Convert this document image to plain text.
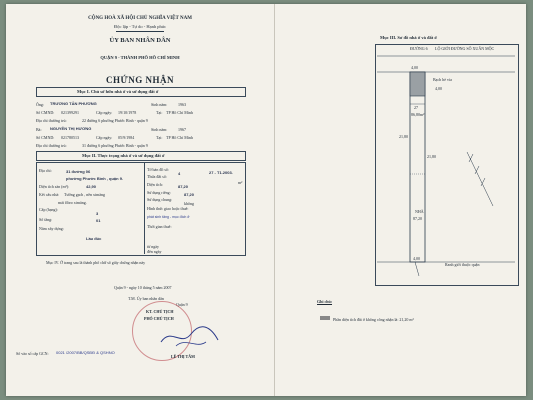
CỘNG HOÀ XÃ HỘI CHỦ NGHĨA VIỆT NAM
Độc lập - Tự do - Hạnh phúc
ỦY BAN NHÂN DÂN
QUẬN 9 - THÀNH PHỐ HỒ CHÍ MINH
CHỨNG NHẬN
Mục I. Chủ sở hữu nhà ở và sử dụng đất ở
Ông: TRƯƠNG TẤN PHƯƠNG	Sinh năm:	1963
Số CMND: 021399291	Cấp ngày: 19/10/1978	Tại: TP Hồ Chí Minh
Địa chỉ thường trú:	22 đường 6 phường Phước Bình - quận 9
Bà: NGUYỄN THỊ HƯƠNG	Sinh năm:	1967
Số CMND: 021780513	Cấp ngày: 05/9/1984	Tại: TP Hồ Chí Minh
Địa chỉ thường trú:	31 đường 6 phường Phước Bình - quận 9
Mục II. Thực trạng nhà ở và sử dụng đất ở
Địa chỉ:	31 đường 06
phường Phước Bình , quận 9.
Diện tích sàn (m²):	42,90
Kết cấu nhà: Tường gạch , nền ximăng
mái fibro ximăng.
Cấp (hạng):
3
Số tầng:	01
Năm xây dựng:
Lầu đúc
Tờ bản đồ số:
4
Thửa đất số:
27 - T1.2003.
Diện tích:	87,20
m²
Sử dụng riêng:	87,20
Sử dụng chung:
không
Hình thức giao hoặc thuê:
phát sinh tăng - mục đích ở
Thời gian thuê:
từ ngày
đến ngày
Mục IV. Ở trang sau là thành phố chữ số giấy chứng nhận này
Quận 9 - ngày 10 tháng 5 năm 2007
T.M. Ủy ban nhân dân
Quận 9
KT. CHỦ TỊCH
PHÓ CHỦ TỊCH
LÊ THỊ TÂM
Số vào sổ cấp GCN: 0021 /2007/BB/QSĐĐ & QSHNO
Mục III. Sơ đồ nhà ở và đất ở
ĐƯỜNG 6 LỘ GIỚI ĐƯỜNG SỐ XUÂN MỘC
4,00
Bạch hè vỉa
4,00
27
86,80m²
21,80
21,80
NHÀ
87,20
4,00
Ranh giới thuộc quận
Ghi chú:
Phần diện tích đất ở không công nhận là: 21,20 m²
